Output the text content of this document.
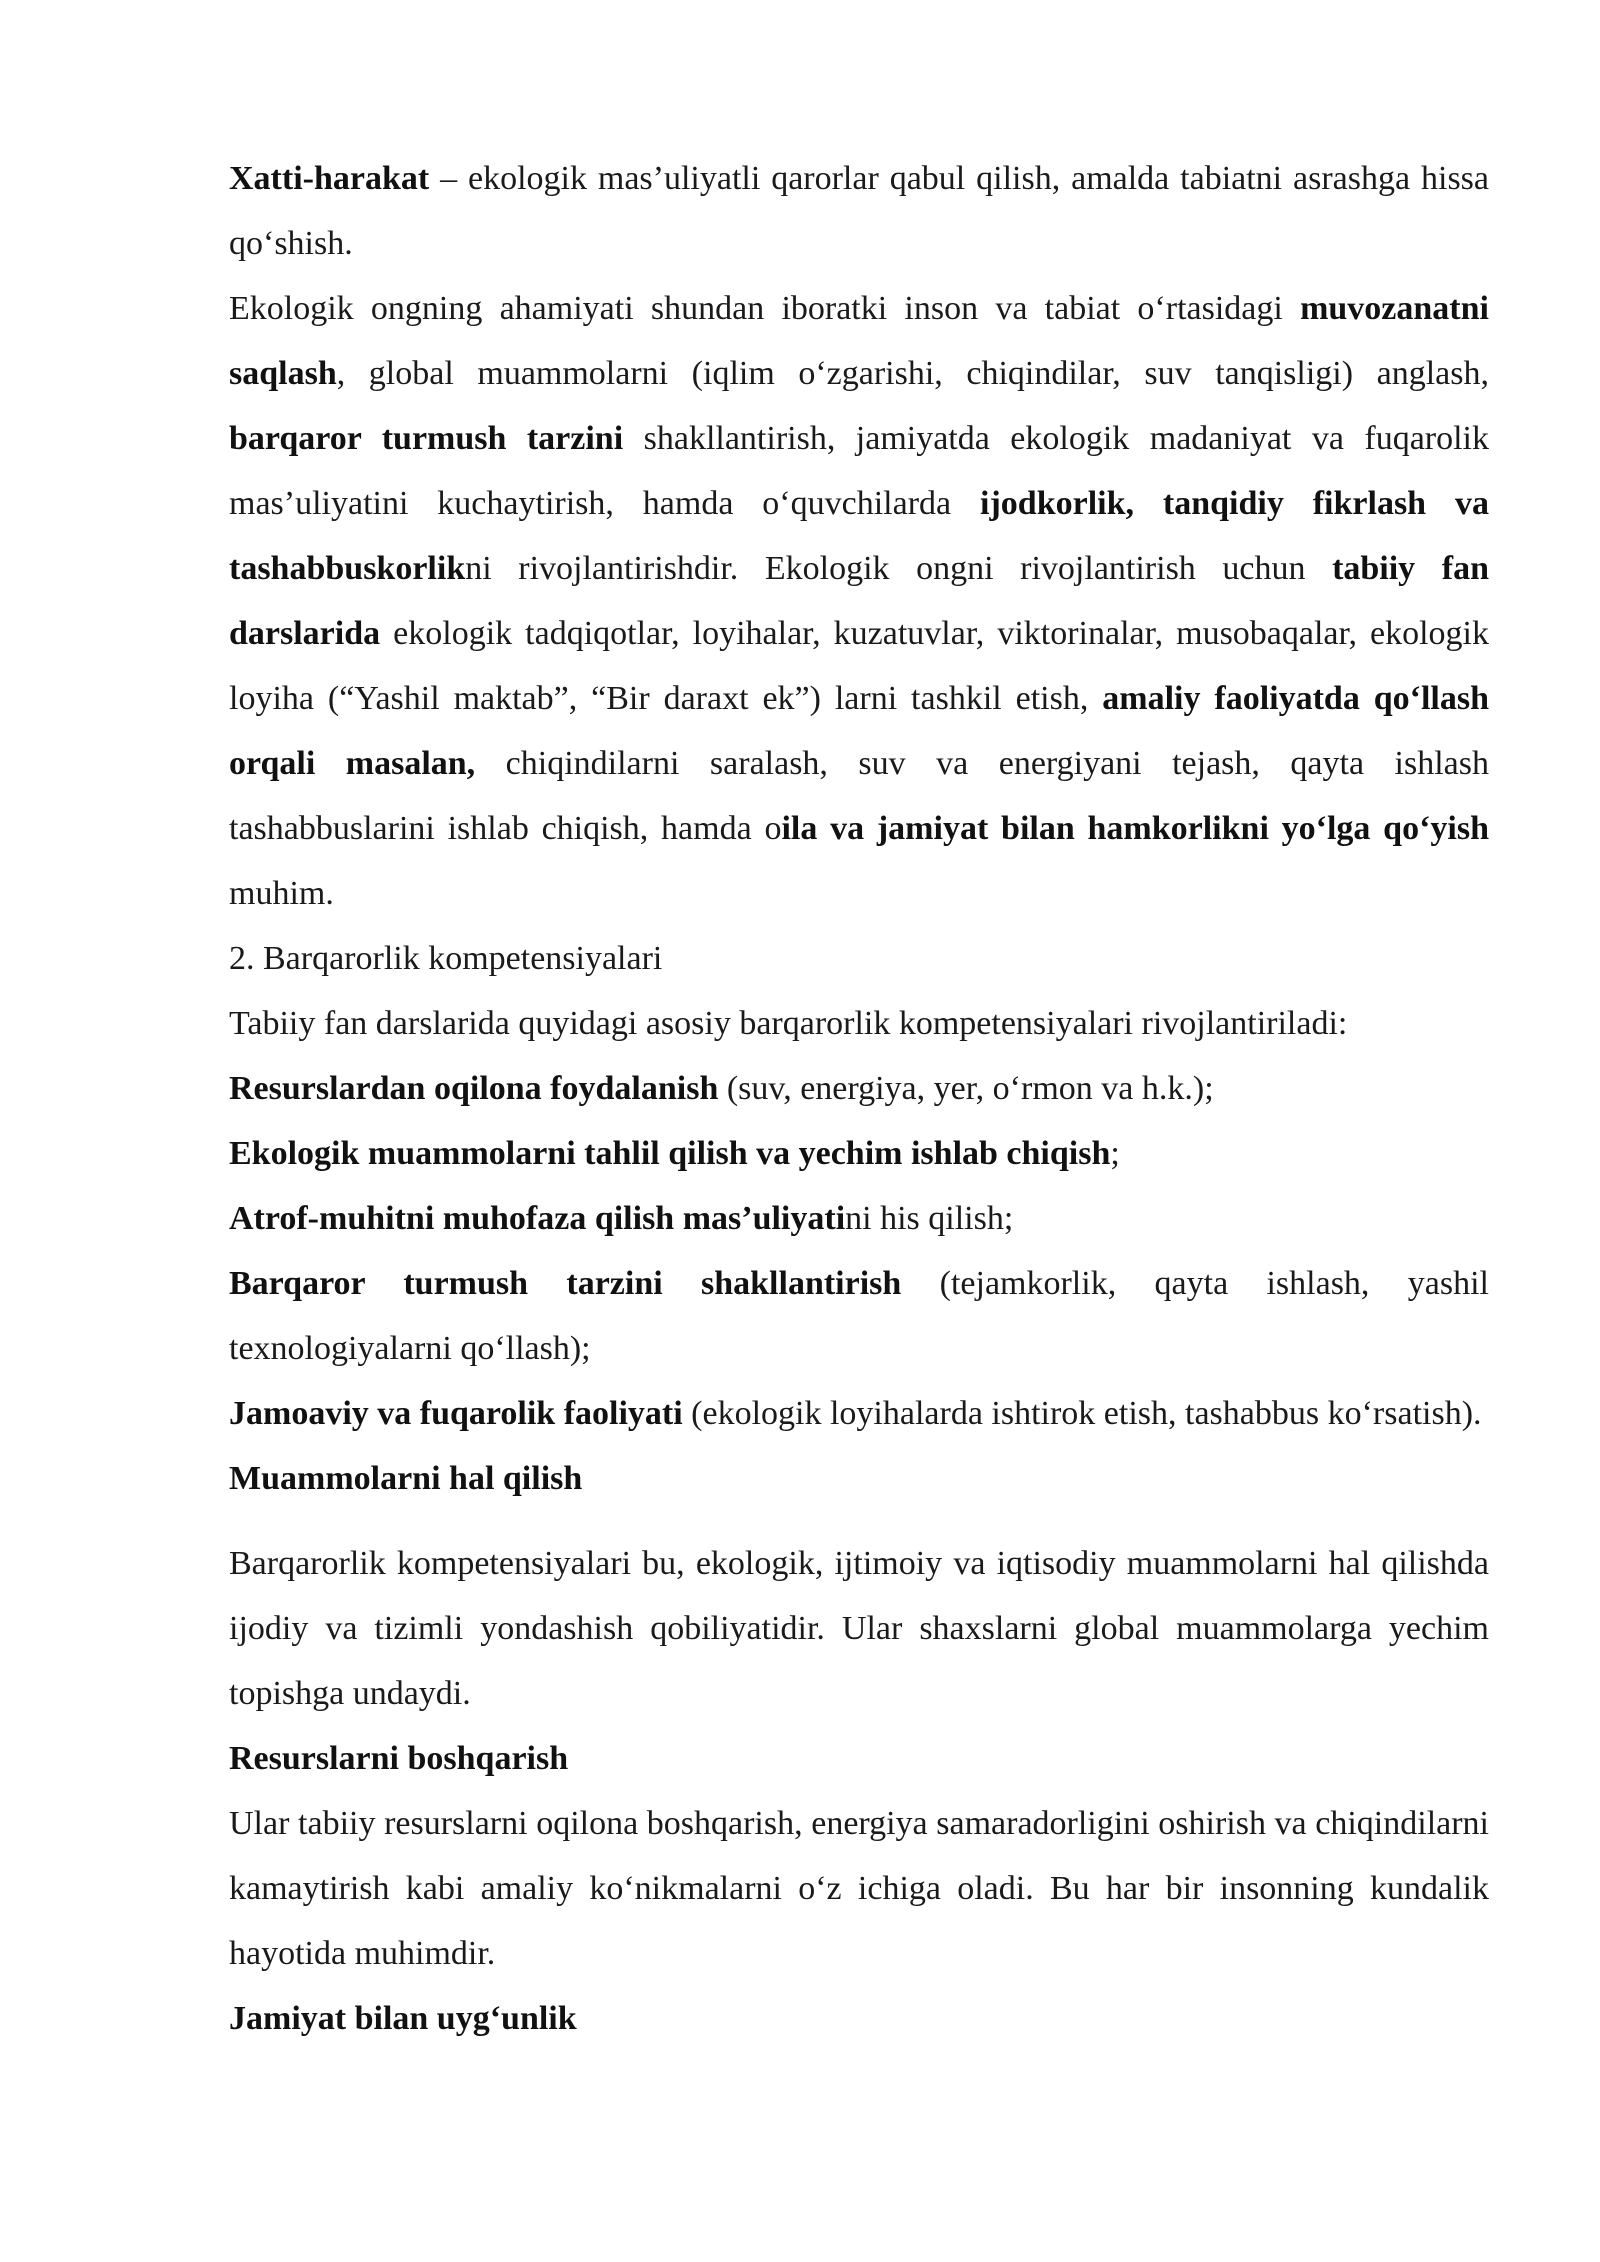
Xatti-harakat – ekologik mas’uliyatli qarorlar qabul qilish, amalda tabiatni asrashga hissa qo‘shish.

Ekologik ongning ahamiyati shundan iboratki inson va tabiat o‘rtasidagi muvozanatni saqlash, global muammolarni (iqlim o‘zgarishi, chiqindilar, suv tanqisligi) anglash, barqaror turmush tarzini shakllantirish, jamiyatda ekologik madaniyat va fuqarolik mas’uliyatini kuchaytirish, hamda o‘quvchilarda ijodkorlik, tanqidiy fikrlash va tashabbuskorlikni rivojlantirishdir. Ekologik ongni rivojlantirish uchun tabiiy fan darslarida ekologik tadqiqotlar, loyihalar, kuzatuvlar, viktorinalar, musobaqalar, ekologik loyiha (“Yashil maktab”, “Bir daraxt ek”) larni tashkil etish, amaliy faoliyatda qo‘llash orqali masalan, chiqindilarni saralash, suv va energiyani tejash, qayta ishlash tashabbuslarini ishlab chiqish, hamda oila va jamiyat bilan hamkorlikni yo‘lga qo‘yish muhim.

2. Barqarorlik kompetensiyalari

Tabiiy fan darslarida quyidagi asosiy barqarorlik kompetensiyalari rivojlantiriladi:

Resurslardan oqilona foydalanish (suv, energiya, yer, o‘rmon va h.k.);

Ekologik muammolarni tahlil qilish va yechim ishlab chiqish;

Atrof-muhitni muhofaza qilish mas’uliyatini his qilish;

Barqaror turmush tarzini shakllantirish (tejamkorlik, qayta ishlash, yashil texnologiyalarni qo‘llash);

Jamoaviy va fuqarolik faoliyati (ekologik loyihalarda ishtirok etish, tashabbus ko‘rsatish).

Muammolarni hal qilish

Barqarorlik kompetensiyalari bu, ekologik, ijtimoiy va iqtisodiy muammolarni hal qilishda ijodiy va tizimli yondashish qobiliyatidir. Ular shaxslarni global muammolarga yechim topishga undaydi.

Resurslarni boshqarish

Ular tabiiy resurslarni oqilona boshqarish, energiya samaradorligini oshirish va chiqindilarni kamaytirish kabi amaliy ko‘nikmalarni o‘z ichiga oladi. Bu har bir insonning kundalik hayotida muhimdir.

Jamiyat bilan uyg‘unlik
